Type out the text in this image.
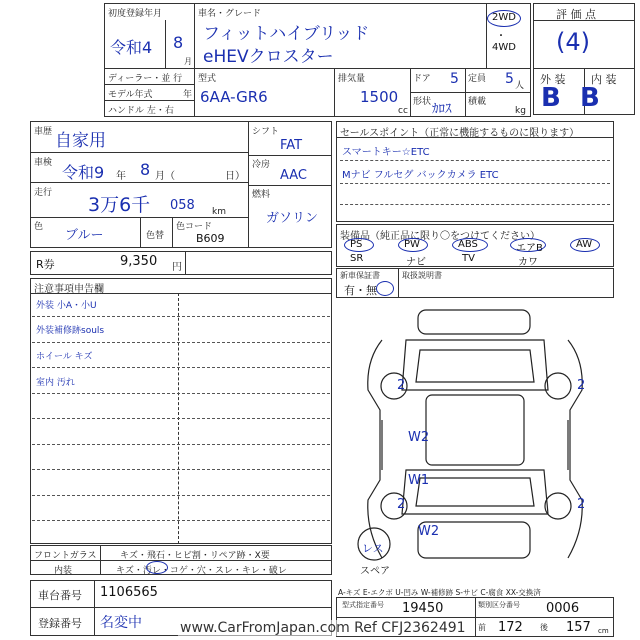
初度登録年月
令和4 8
月
車名・グレード
フィットハイブリッド
eHEVクロスター
2WD
・
4WD
評 価 点
(4)
外 装 内 装
B B
ディーラー・並 行
モデル年式	年
ハンドル 左・右
型式
6AA-GR6
排気量
1500
cc
ドア 5 定員 5 人
形状 ｶﾛｽ 積載
kg
車歴 自家用
車検 令和9 年 8 月（	日）
走行
3万6千 058 km
色
ブルー	色替
色コード
B609
シフト
FAT
冷房
AAC
燃料
ガソリン
セールスポイント（正常に機能するものに限ります）
スマートキー☆ETC
Mナビ フルセグ バックカメラ ETC
装備品（純正品に限り〇をつけてください）
PS	PW	ABS	エアB	AW
SR	ナビ	TV	カワ
新車保証書
有・無
取扱説明書
R券	9,350 円
注意事項申告欄
外装 小A・小U
外装補修跡souls
ホイール キズ
室内 汚れ	2	2
W2
W1
2	2
W2
レス
スペア
A-キズ E-エクボ U-凹み W-補修跡 S-サビ C-腐食 XX-交換済
フロントガラス	キズ・飛石・ヒビ割・リペア跡・X要
内装	キズ・汚レ・コゲ・穴・スレ・キレ・破レ
車台番号 1106565
登録番号 名変中
型式指定番号 19450	類別区分番号 0006
前 172 後 157 cm
www.CarFromJapan.com Ref CFJ2362491
